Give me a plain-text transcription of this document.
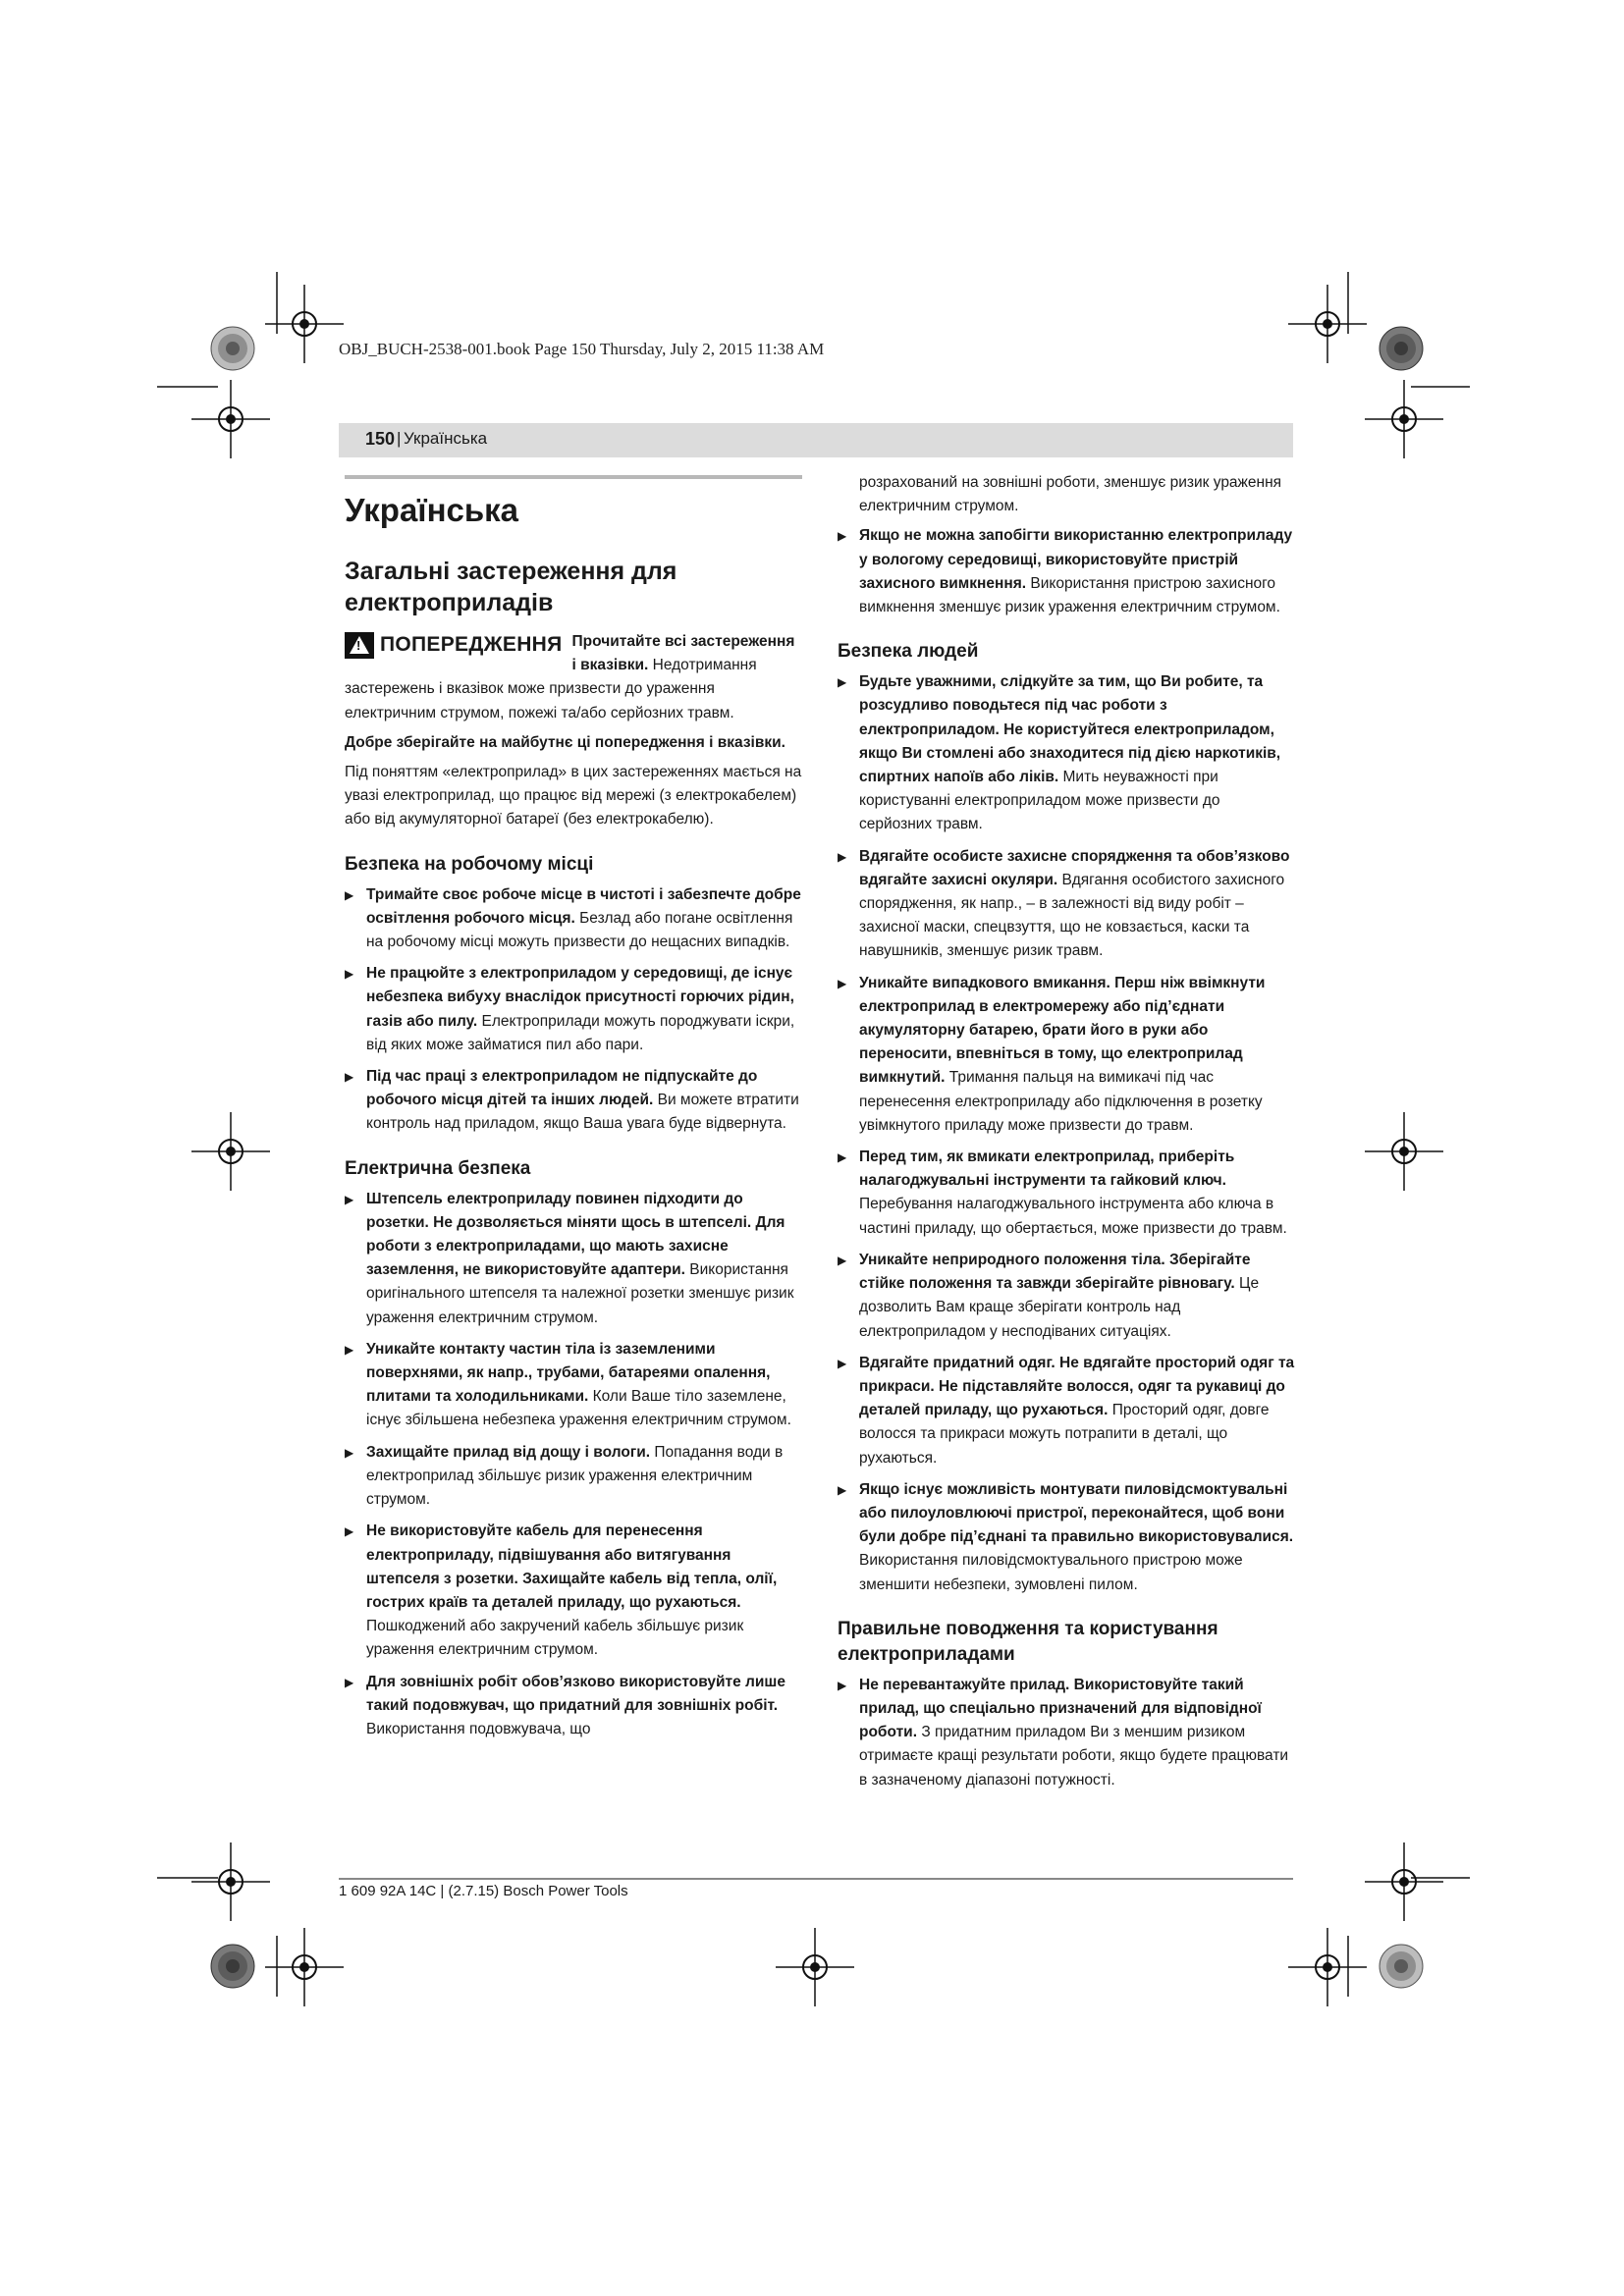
OBJ_BUCH-2538-001.book Page 150 Thursday, July 2, 2015 11:38 AM
150 | Українська
Українська
Загальні застереження для електроприладів
!
ПОПЕРЕДЖЕННЯ Прочитайте всі застереження і вказівки. Недотримання застережень і вказівок може призвести до ураження електричним струмом, пожежі та/або серйозних травм.

Добре зберігайте на майбутнє ці попередження і вказівки.

Під поняттям «електроприлад» в цих застереженнях мається на увазі електроприлад, що працює від мережі (з електрокабелем) або від акумуляторної батареї (без електрокабелю).

Безпека на робочому місці
▶ Тримайте своє робоче місце в чистоті і забезпечте добре освітлення робочого місця. Безлад або погане освітлення на робочому місці можуть призвести до нещасних випадків.
▶ Не працюйте з електроприладом у середовищі, де існує небезпека вибуху внаслідок присутності горючих рідин, газів або пилу. Електроприлади можуть породжувати іскри, від яких може займатися пил або пари.
▶ Під час праці з електроприладом не підпускайте до робочого місця дітей та інших людей. Ви можете втратити контроль над приладом, якщо Ваша увага буде відвернута.
Електрична безпека
▶ Штепсель електроприладу повинен підходити до розетки. Не дозволяється міняти щось в штепселі. Для роботи з електроприладами, що мають захисне заземлення, не використовуйте адаптери. Використання оригінального штепселя та належної розетки зменшує ризик ураження електричним струмом.
▶ Уникайте контакту частин тіла із заземленими поверхнями, як напр., трубами, батареями опалення, плитами та холодильниками. Коли Ваше тіло заземлене, існує збільшена небезпека ураження електричним струмом.
▶ Захищайте прилад від дощу і вологи. Попадання води в електроприлад збільшує ризик ураження електричним струмом.
▶ Не використовуйте кабель для перенесення електроприладу, підвішування або витягування штепселя з розетки. Захищайте кабель від тепла, олії, гострих країв та деталей приладу, що рухаються. Пошкоджений або закручений кабель збільшує ризик ураження електричним струмом.
▶ Для зовнішніх робіт обов’язково використовуйте лише такий подовжувач, що придатний для зовнішніх робіт. Використання подовжувача, що

розрахований на зовнішні роботи, зменшує ризик ураження електричним струмом.

▶ Якщо не можна запобігти використанню електроприладу у вологому середовищі, використовуйте пристрій захисного вимкнення. Використання пристрою захисного вимкнення зменшує ризик ураження електричним струмом.
Безпека людей
▶ Будьте уважними, слідкуйте за тим, що Ви робите, та розсудливо поводьтеся під час роботи з електроприладом. Не користуйтеся електроприладом, якщо Ви стомлені або знаходитеся під дією наркотиків, спиртних напоїв або ліків. Мить неуважності при користуванні електроприладом може призвести до серйозних травм.
▶ Вдягайте особисте захисне спорядження та обов’язково вдягайте захисні окуляри. Вдягання особистого захисного спорядження, як напр., – в залежності від виду робіт – захисної маски, спецвзуття, що не ковзається, каски та навушників, зменшує ризик травм.
▶ Уникайте випадкового вмикання. Перш ніж ввімкнути електроприлад в електромережу або під’єднати акумуляторну батарею, брати його в руки або переносити, впевніться в тому, що електроприлад вимкнутий. Тримання пальця на вимикачі під час перенесення електроприладу або підключення в розетку увімкнутого приладу може призвести до травм.
▶ Перед тим, як вмикати електроприлад, приберіть налагоджувальні інструменти та гайковий ключ. Перебування налагоджувального інструмента або ключа в частині приладу, що обертається, може призвести до травм.
▶ Уникайте неприродного положення тіла. Зберігайте стійке положення та завжди зберігайте рівновагу. Це дозволить Вам краще зберігати контроль над електроприладом у несподіваних ситуаціях.
▶ Вдягайте придатний одяг. Не вдягайте просторий одяг та прикраси. Не підставляйте волосся, одяг та рукавиці до деталей приладу, що рухаються. Просторий одяг, довге волосся та прикраси можуть потрапити в деталі, що рухаються.
▶ Якщо існує можливість монтувати пиловідсмоктувальні або пилоуловлюючі пристрої, переконайтеся, щоб вони були добре під’єднані та правильно використовувалися. Використання пиловідсмоктувального пристрою може зменшити небезпеки, зумовлені пилом.
Правильне поводження та користування електроприладами
▶ Не перевантажуйте прилад. Використовуйте такий прилад, що спеціально призначений для відповідної роботи. З придатним приладом Ви з меншим ризиком отримаєте кращі результати роботи, якщо будете працювати в зазначеному діапазоні потужності.
1 609 92A 14C | (2.7.15) Bosch Power Tools
